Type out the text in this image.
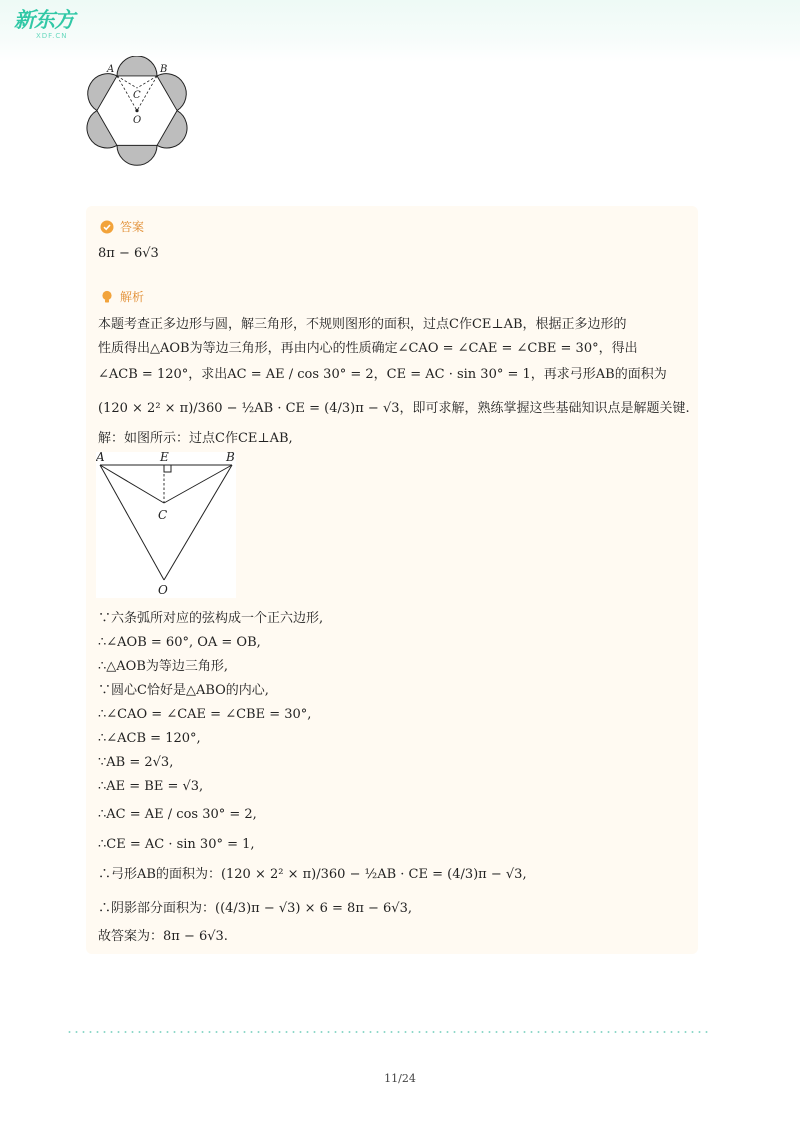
新东方
XDF.CN
A	B
C
O
答案
8π − 6√3
解析
本题考查正多边形与圆，解三角形，不规则图形的面积，过点C作CE⊥AB，根据正多边形的
性质得出△AOB为等边三角形，再由内心的性质确定∠CAO = ∠CAE = ∠CBE = 30°，得出
∠ACB = 120°，求出AC = AE / cos 30° = 2，CE = AC · sin 30° = 1，再求弓形AB的面积为
(120 × 2² × π)/360 − ½AB · CE = (4/3)π − √3，即可求解，熟练掌握这些基础知识点是解题关键.
解：如图所示：过点C作CE⊥AB,
A	E	B
C
O
∵六条弧所对应的弦构成一个正六边形,
∴∠AOB = 60°, OA = OB,
∴△AOB为等边三角形,
∵圆心C恰好是△ABO的内心,
∴∠CAO = ∠CAE = ∠CBE = 30°,
∴∠ACB = 120°,
∵AB = 2√3,
∴AE = BE = √3,
∴AC = AE / cos 30° = 2,
∴CE = AC · sin 30° = 1,
∴弓形AB的面积为：(120 × 2² × π)/360 − ½AB · CE = (4/3)π − √3,
∴阴影部分面积为：((4/3)π − √3) × 6 = 8π − 6√3,
故答案为：8π − 6√3.
11/24
